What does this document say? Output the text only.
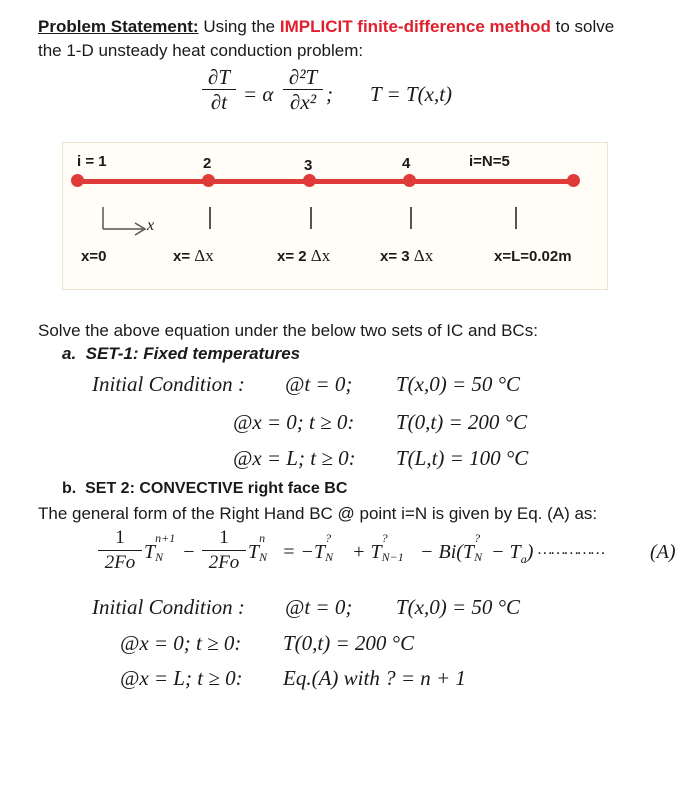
Problem Statement: Using the IMPLICIT finite-difference method to solve
the 1-D unsteady heat conduction problem:
∂T
∂t = α
∂²T
∂x² ; T = T(x,t)
i = 1	2	3	4	i=N=5
x
x=0	x= Δx	x= 2 Δx	x= 3 Δx	x=L=0.02m
Solve the above equation under the below two sets of IC and BCs:
a. SET-1: Fixed temperatures
Initial Condition : @t = 0; T(x,0) = 50 °C
@x = 0; t ≥ 0: T(0,t) = 200 °C
@x = L; t ≥ 0: T(L,t) = 100 °C
b. SET 2: CONVECTIVE right face BC
The general form of the Right Hand BC @ point i=N is given by Eq. (A) as:
1
2Fo T
n+1
N −
1
2Fo T
n
N = −T
?
N + T
?
N−1 − Bi(T
?
$N - T_a$) …………… (A)
Initial Condition : @t = 0; T(x,0) = 50 °C
@x = 0; t ≥ 0: T(0,t) = 200 °C
@x = L; t ≥ 0: Eq.(A) with ? = n + 1
